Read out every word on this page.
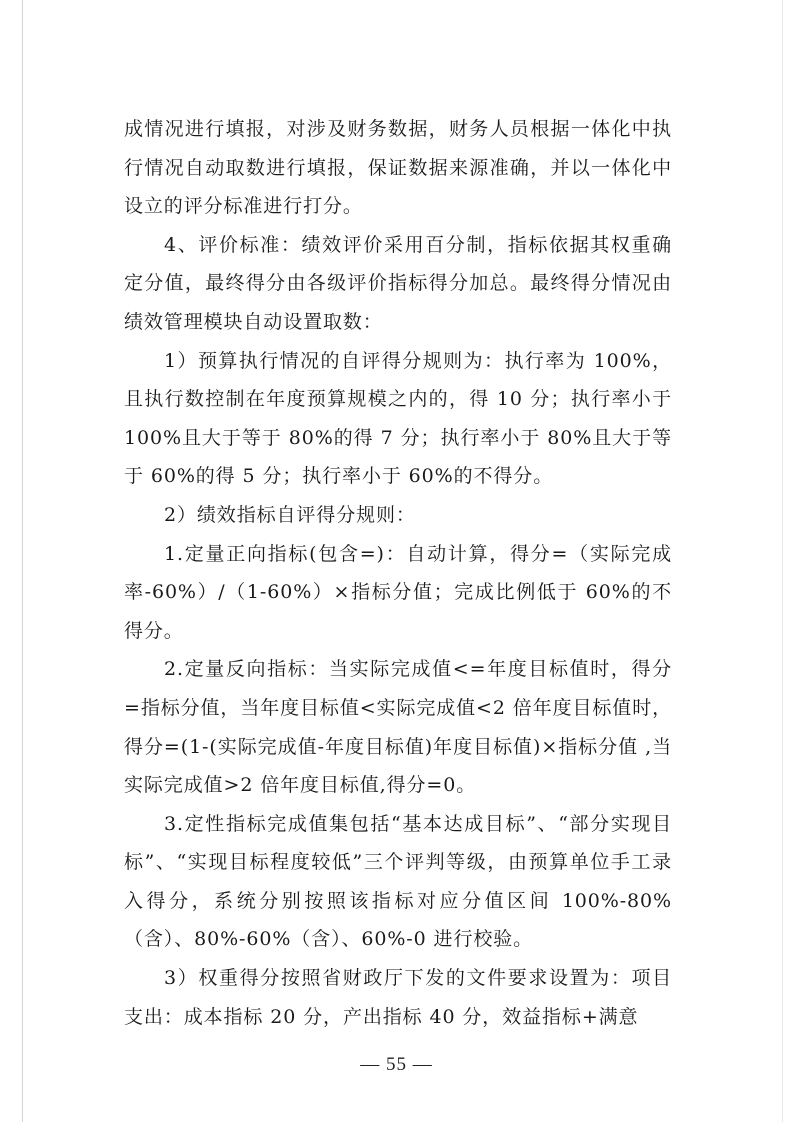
成情况进行填报，对涉及财务数据，财务人员根据一体化中执行情况自动取数进行填报，保证数据来源准确，并以一体化中设立的评分标准进行打分。

4、评价标准：绩效评价采用百分制，指标依据其权重确定分值，最终得分由各级评价指标得分加总。最终得分情况由绩效管理模块自动设置取数：

1）预算执行情况的自评得分规则为：执行率为 100%，且执行数控制在年度预算规模之内的，得 10 分；执行率小于 100%且大于等于 80%的得 7 分；执行率小于 80%且大于等于 60%的得 5 分；执行率小于 60%的不得分。

2）绩效指标自评得分规则：

1.定量正向指标(包含=)：自动计算，得分=（实际完成率-60%）/（1-60%）×指标分值；完成比例低于 60%的不得分。

2.定量反向指标：当实际完成值<=年度目标值时，得分=指标分值，当年度目标值<实际完成值<2 倍年度目标值时，得分=(1-(实际完成值-年度目标值)年度目标值)×指标分值 ,当实际完成值>2 倍年度目标值,得分=0。

3.定性指标完成值集包括“基本达成目标”、“部分实现目标”、“实现目标程度较低”三个评判等级，由预算单位手工录入得分，系统分别按照该指标对应分值区间 100%-80%（含）、80%-60%（含）、60%-0 进行校验。

3）权重得分按照省财政厅下发的文件要求设置为：项目支出：成本指标 20 分，产出指标 40 分，效益指标+满意

— 55 —
